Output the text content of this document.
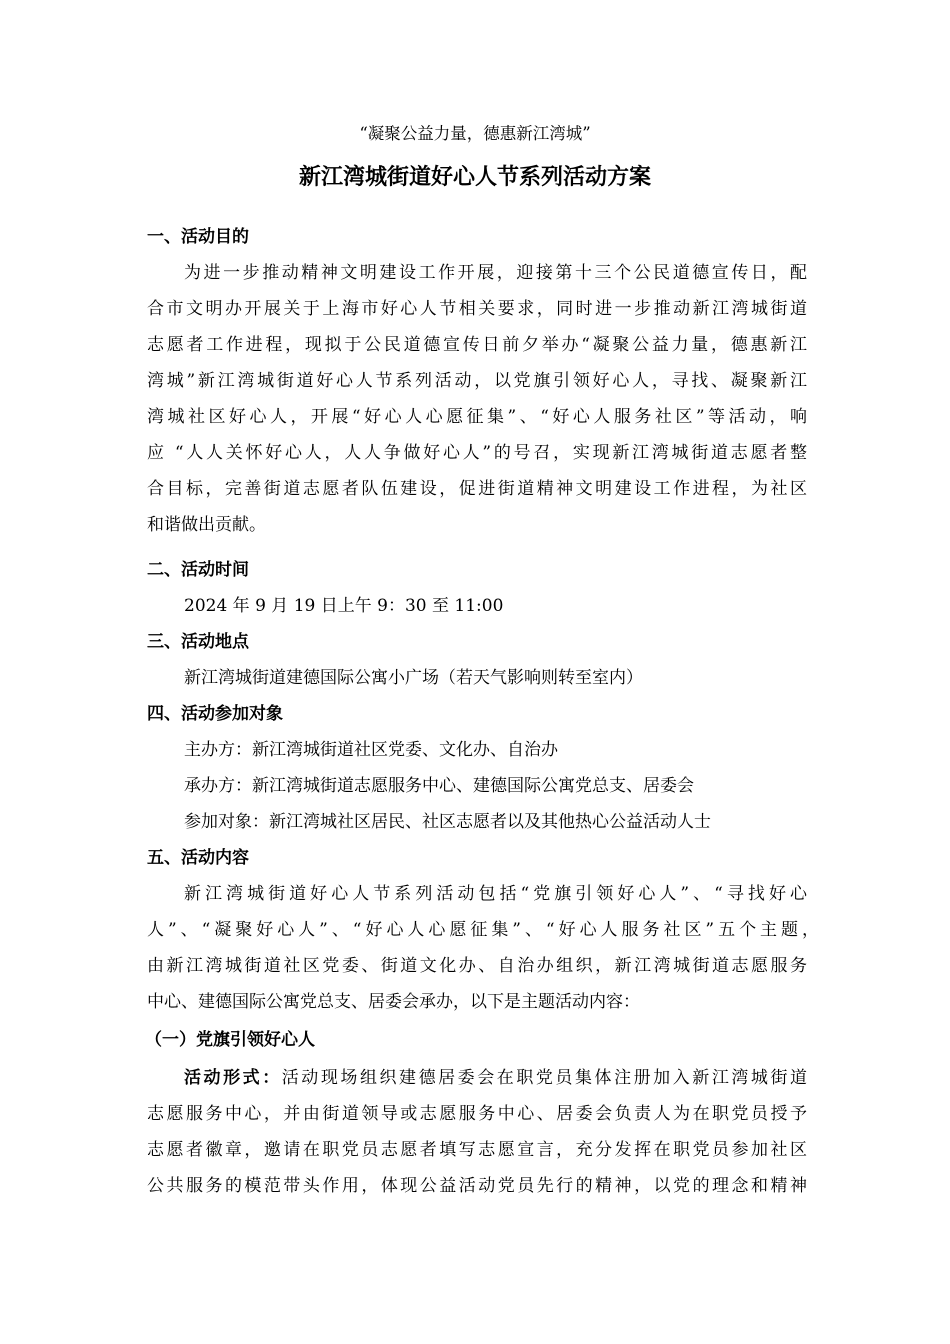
“凝聚公益力量，德惠新江湾城”
新江湾城街道好心人节系列活动方案
一、活动目的
为进一步推动精神文明建设工作开展，迎接第十三个公民道德宣传日，配
合市文明办开展关于上海市好心人节相关要求，同时进一步推动新江湾城街道
志愿者工作进程，现拟于公民道德宣传日前夕举办“凝聚公益力量，德惠新江
湾城”新江湾城街道好心人节系列活动，以党旗引领好心人，寻找、凝聚新江
湾城社区好心人，开展“好心人心愿征集”、“好心人服务社区”等活动，响
应 “人人关怀好心人，人人争做好心人”的号召，实现新江湾城街道志愿者整
合目标，完善街道志愿者队伍建设，促进街道精神文明建设工作进程，为社区
和谐做出贡献。
二、活动时间
2024 年 9 月 19 日上午 9：30 至 11:00
三、活动地点
新江湾城街道建德国际公寓小广场（若天气影响则转至室内）
四、活动参加对象
主办方：新江湾城街道社区党委、文化办、自治办
承办方：新江湾城街道志愿服务中心、建德国际公寓党总支、居委会
参加对象：新江湾城社区居民、社区志愿者以及其他热心公益活动人士
五、活动内容
新江湾城街道好心人节系列活动包括“党旗引领好心人”、“寻找好心
人”、“凝聚好心人”、“好心人心愿征集”、“好心人服务社区”五个主题，
由新江湾城街道社区党委、街道文化办、自治办组织，新江湾城街道志愿服务
中心、建德国际公寓党总支、居委会承办，以下是主题活动内容：
（一）党旗引领好心人
活动形式：活动现场组织建德居委会在职党员集体注册加入新江湾城街道
志愿服务中心，并由街道领导或志愿服务中心、居委会负责人为在职党员授予
志愿者徽章，邀请在职党员志愿者填写志愿宣言，充分发挥在职党员参加社区
公共服务的模范带头作用，体现公益活动党员先行的精神，以党的理念和精神
